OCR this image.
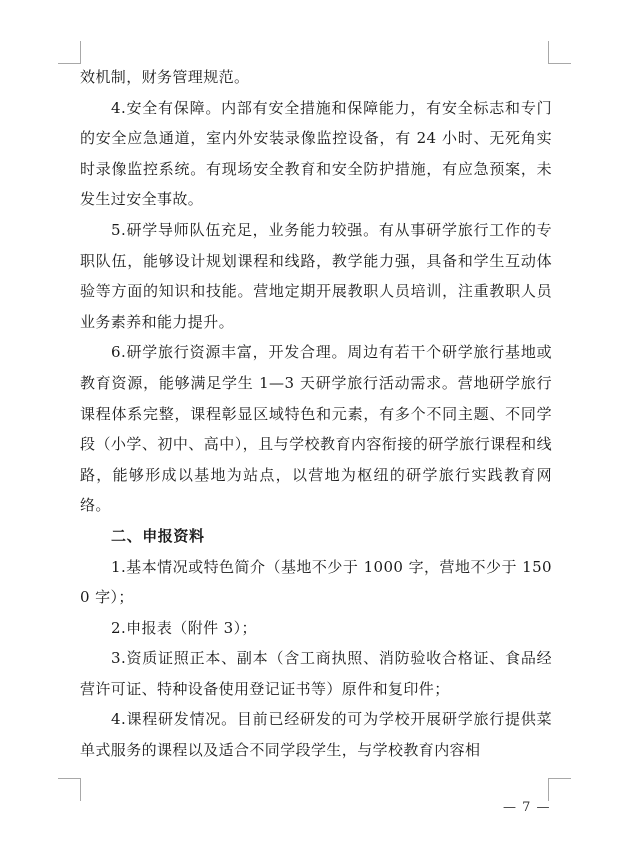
效机制，财务管理规范。

4.安全有保障。内部有安全措施和保障能力，有安全标志和专门的安全应急通道，室内外安装录像监控设备，有 24 小时、无死角实时录像监控系统。有现场安全教育和安全防护措施，有应急预案，未发生过安全事故。

5.研学导师队伍充足，业务能力较强。有从事研学旅行工作的专职队伍，能够设计规划课程和线路，教学能力强，具备和学生互动体验等方面的知识和技能。营地定期开展教职人员培训，注重教职人员业务素养和能力提升。

6.研学旅行资源丰富，开发合理。周边有若干个研学旅行基地或教育资源，能够满足学生 1—3 天研学旅行活动需求。营地研学旅行课程体系完整，课程彰显区域特色和元素，有多个不同主题、不同学段（小学、初中、高中），且与学校教育内容衔接的研学旅行课程和线路，能够形成以基地为站点，以营地为枢纽的研学旅行实践教育网络。

二、申报资料

1.基本情况或特色简介（基地不少于 1000 字，营地不少于 1500 字）；

2.申报表（附件 3）；

3.资质证照正本、副本（含工商执照、消防验收合格证、食品经营许可证、特种设备使用登记证书等）原件和复印件；

4.课程研发情况。目前已经研发的可为学校开展研学旅行提供菜单式服务的课程以及适合不同学段学生，与学校教育内容相

— 7 —
